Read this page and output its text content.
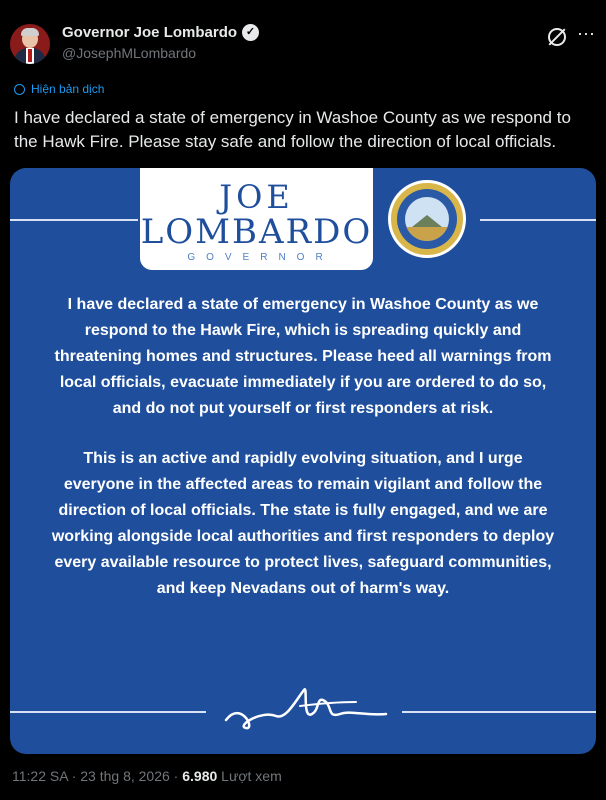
Governor Joe Lombardo ✓
@JosephMLombardo
⋯
Hiện bản dịch
I have declared a state of emergency in Washoe County as we respond to the Hawk Fire. Please stay safe and follow the direction of local officials.
JOE
LOMBARDO
GOVERNOR

I have declared a state of emergency in Washoe County as we respond to the Hawk Fire, which is spreading quickly and threatening homes and structures. Please heed all warnings from local officials, evacuate immediately if you are ordered to do so, and do not put yourself or first responders at risk.

This is an active and rapidly evolving situation, and I urge everyone in the affected areas to remain vigilant and follow the direction of local officials. The state is fully engaged, and we are working alongside local authorities and first responders to deploy every available resource to protect lives, safeguard communities, and keep Nevadans out of harm's way.

11:22 SA · 23 thg 8, 2026 · 6.980 Lượt xem
